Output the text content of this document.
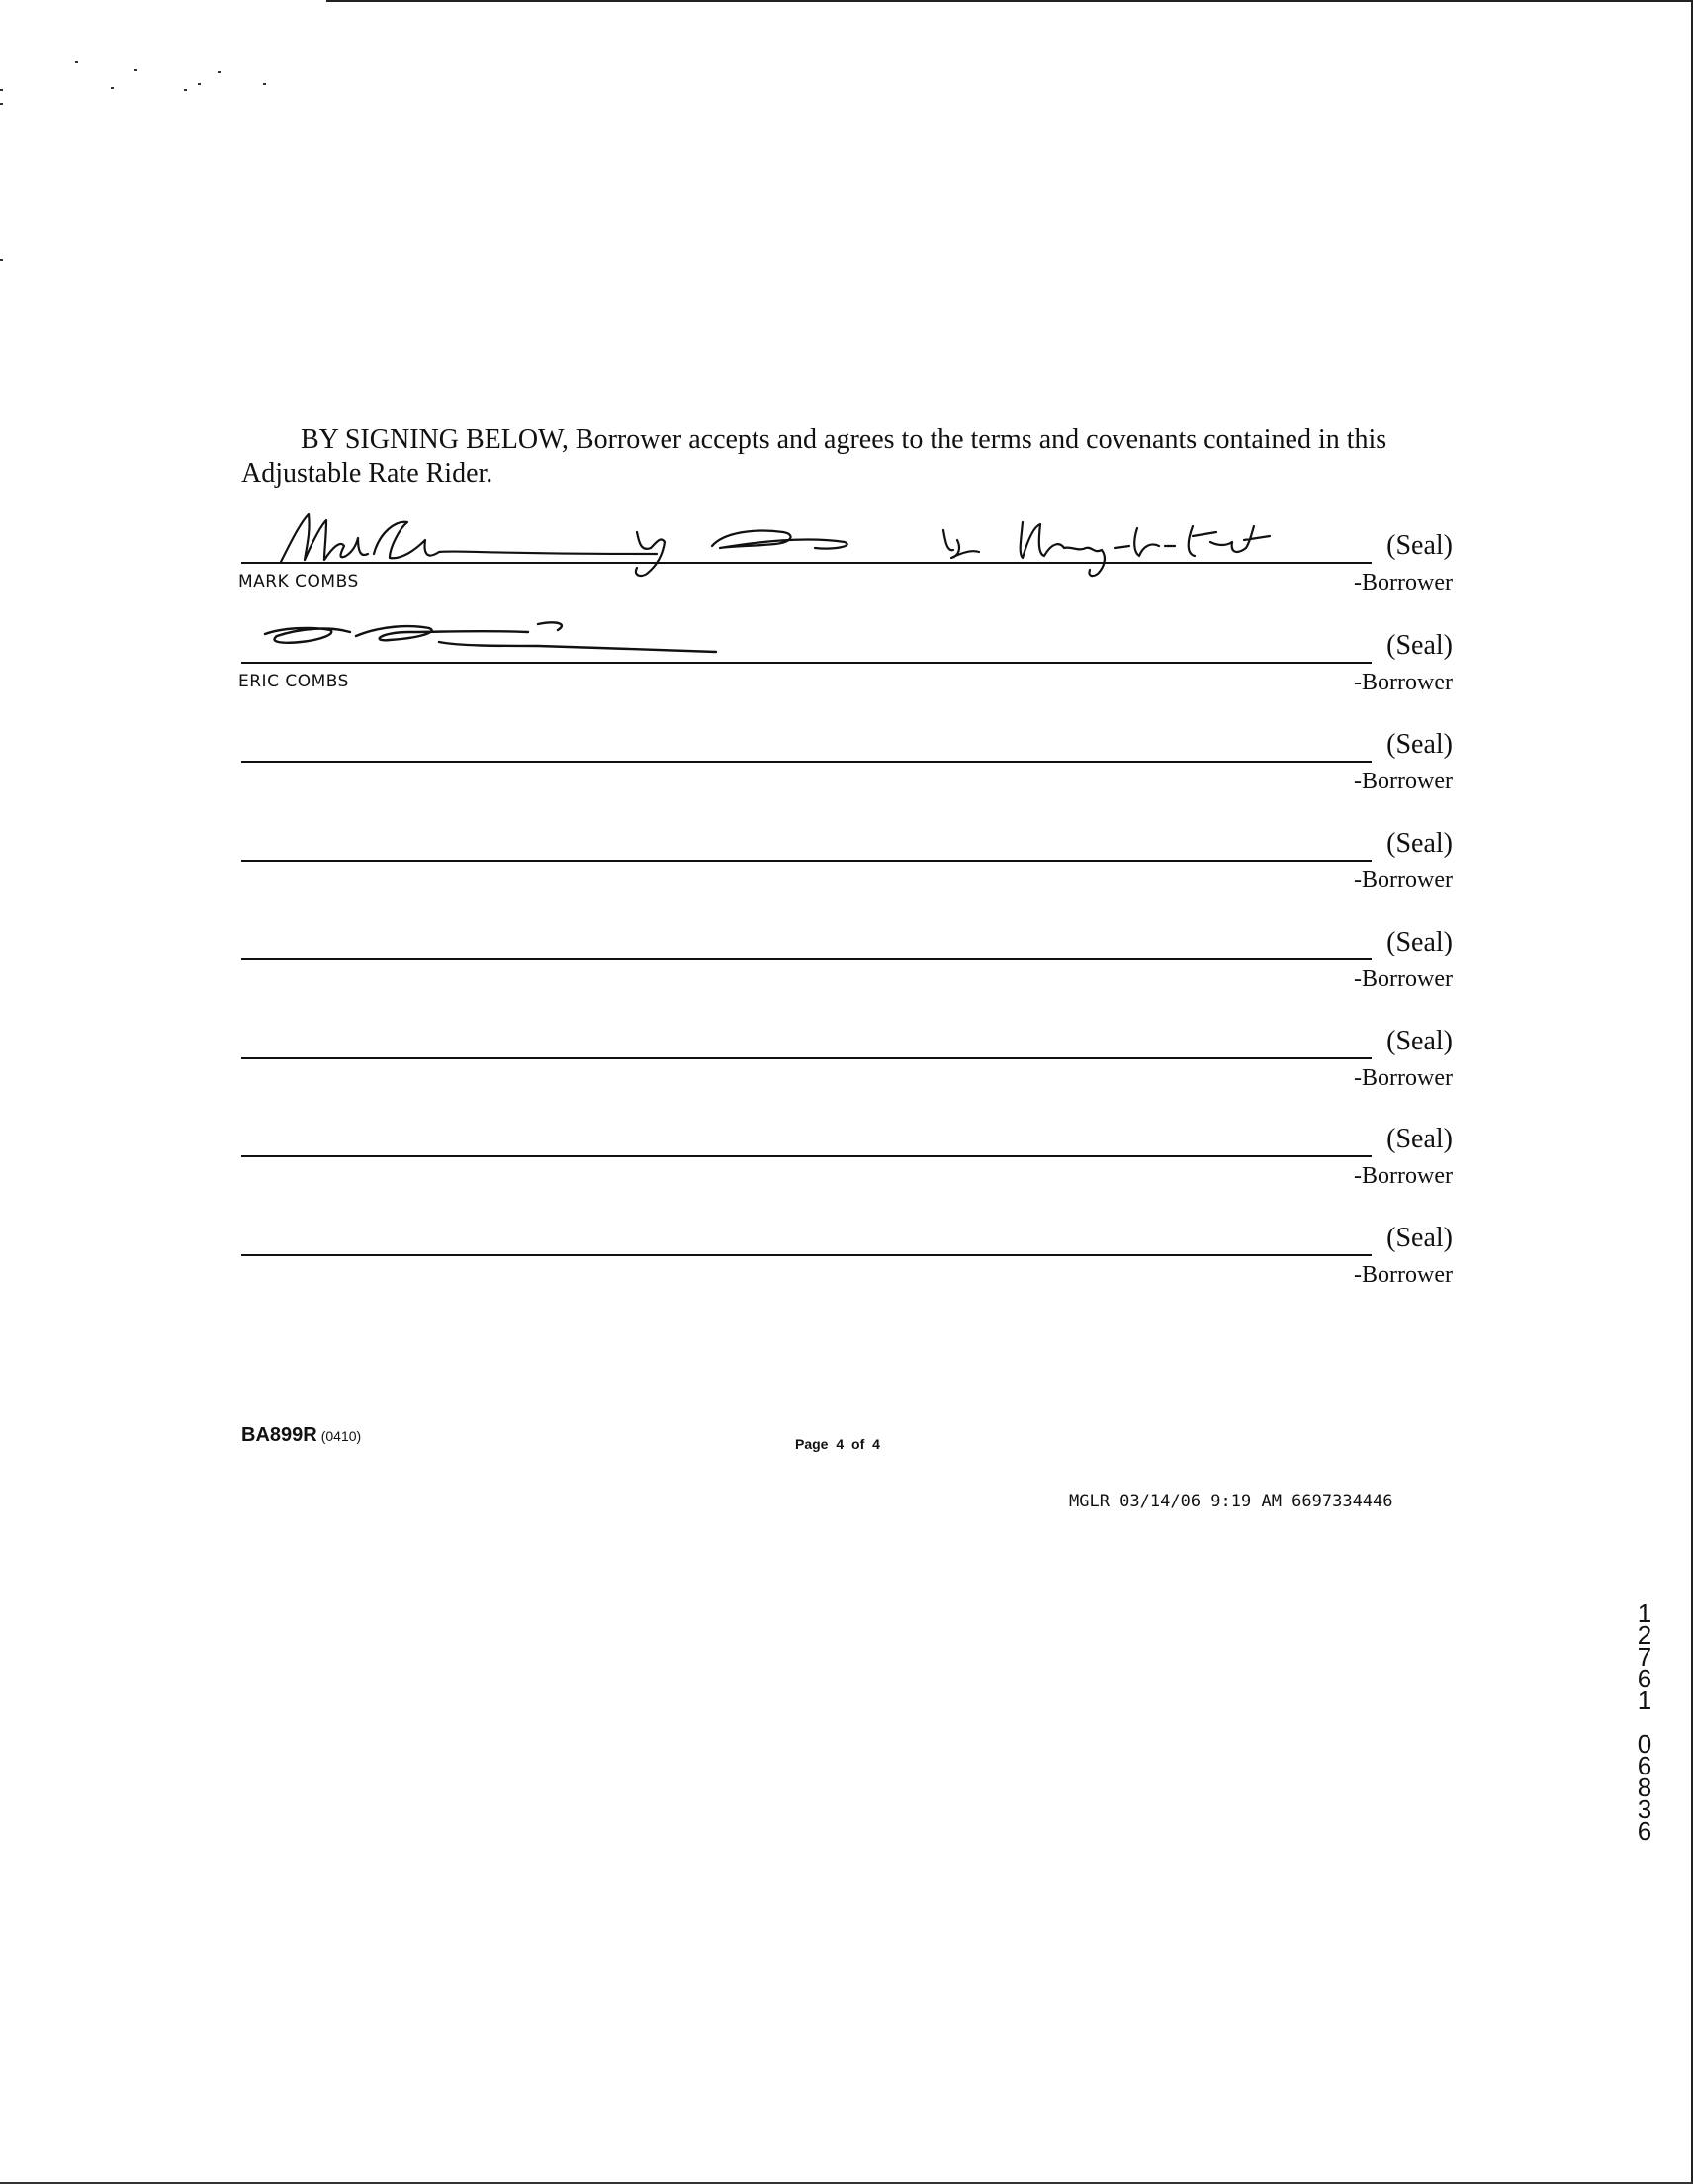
BY SIGNING BELOW, Borrower accepts and agrees to the terms and covenants contained in this Adjustable Rate Rider.
(Seal)
MARK COMBS	-Borrower
(Seal)
ERIC COMBS	-Borrower
(Seal)
-Borrower
(Seal)
-Borrower
(Seal)
-Borrower
(Seal)
-Borrower
(Seal)
-Borrower
(Seal)
-Borrower
BA899R (0410)	Page 4 of 4
MGLR 03/14/06 9:19 AM 6697334446
1
2
7
6
1

0
6
8
3
6
